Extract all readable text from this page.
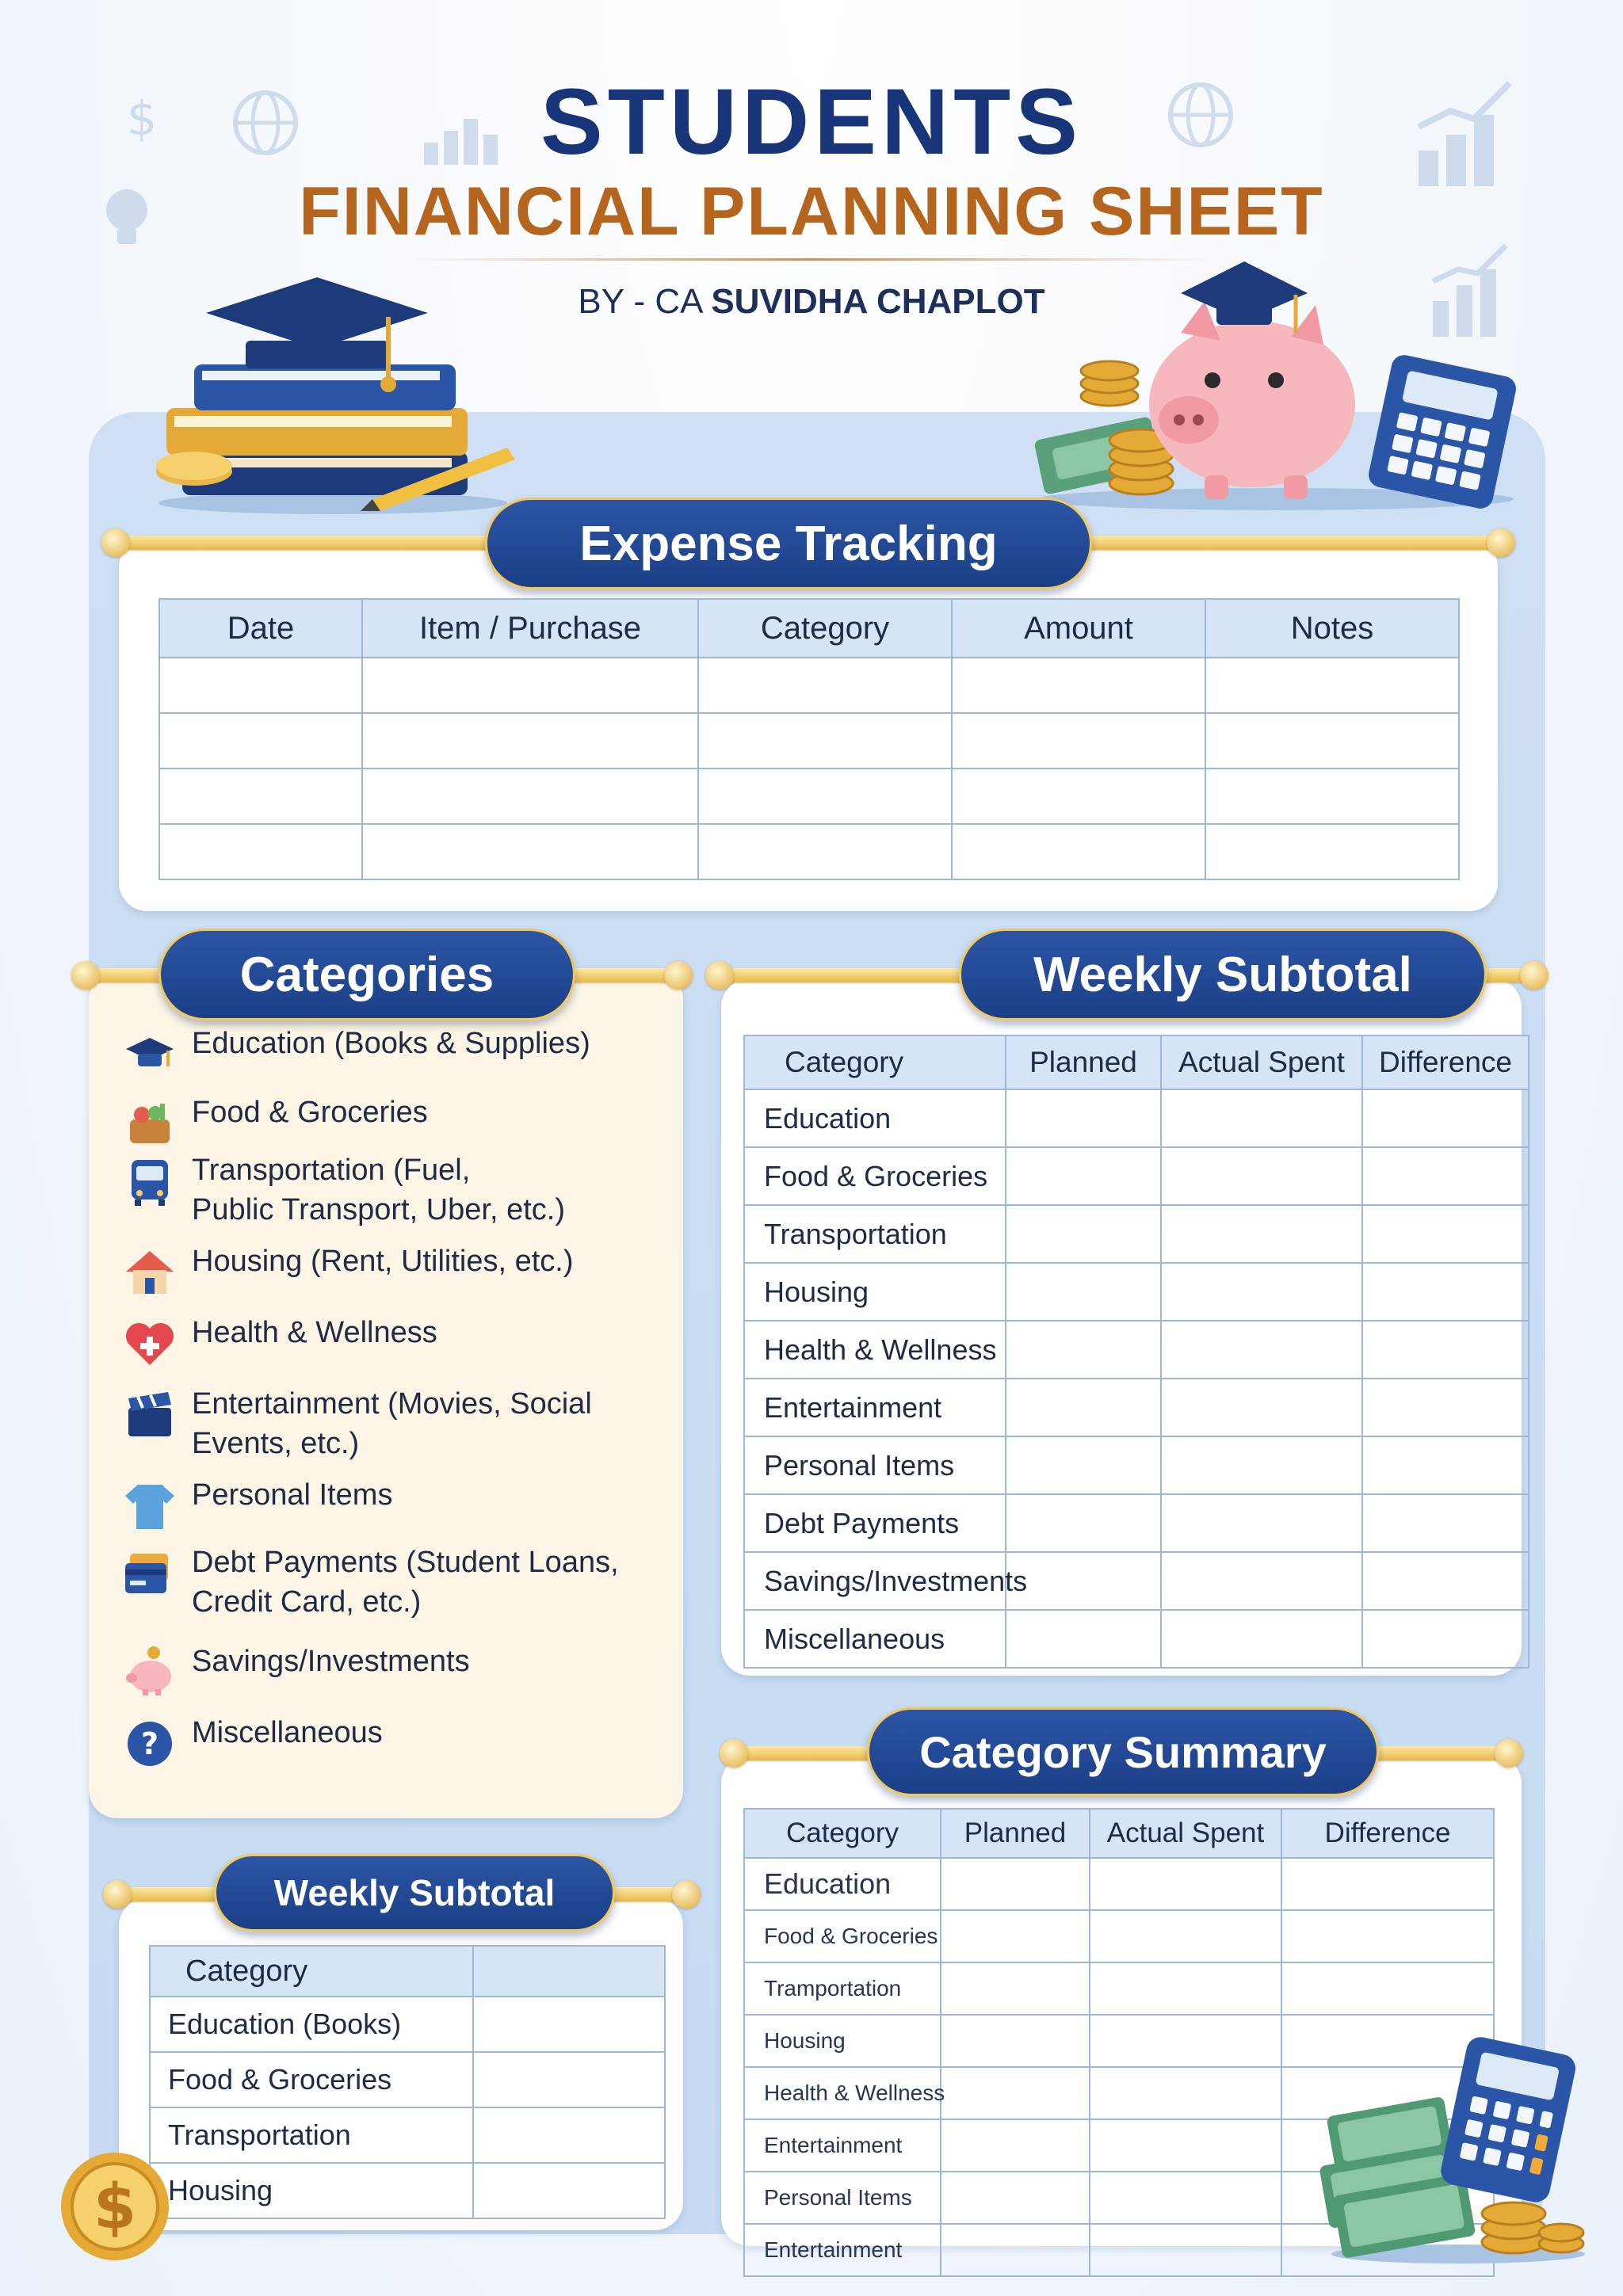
$	STUDENTS
FINANCIAL PLANNING SHEET
BY - CA SUVIDHA CHAPLOT
Expense Tracking
Date	Item / Purchase	Category	Amount	Notes

Categories
Education (Books & Supplies)
Food & Groceries
Transportation (Fuel,
Public Transport, Uber, etc.)
Housing (Rent, Utilities, etc.)
Health & Wellness
Entertainment (Movies, Social
Events, etc.)
Personal Items
Debt Payments (Student Loans,
Credit Card, etc.)
Savings/Investments
? Miscellaneous
Weekly Subtotal
Category	
Education (Books)	
Food & Groceries	
Transportation	
Housing	
$
Weekly Subtotal
Category	Planned	Actual Spent	Difference
Education			
Food & Groceries			
Transportation			
Housing			
Health & Wellness			
Entertainment			
Personal Items			
Debt Payments			
Savings/Investments			
Miscellaneous			
Category Summary
Category	Planned	Actual Spent	Difference
Education			
Food & Groceries			
Tramportation			
Housing			
Health & Wellness			
Entertainment			
Personal Items			
Entertainment			
